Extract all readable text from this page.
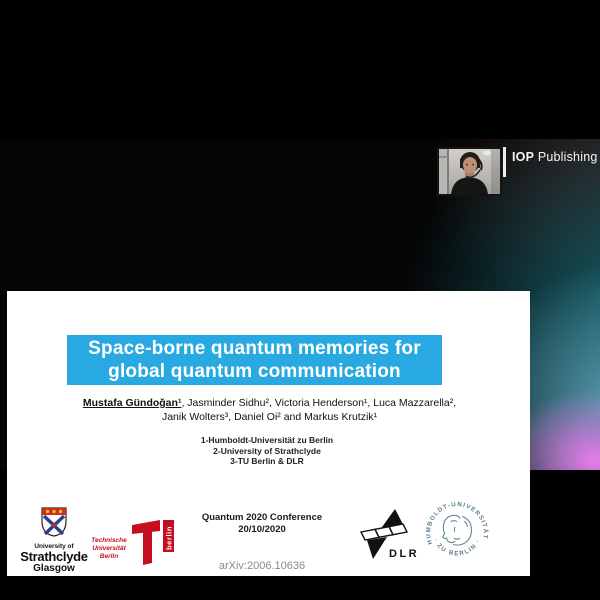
Space-borne quantum memories for
global quantum communication
Mustafa Gündoğan¹, Jasminder Sidhu², Victoria Henderson¹, Luca Mazzarella², Janik Wolters³, Daniel Oi² and Markus Krutzik¹
1-Humboldt-Universität zu Berlin
2-University of Strathclyde
3-TU Berlin & DLR
Quantum 2020 Conference
20/10/2020
arXiv:2006.10636
University of
Strathclyde
Glasgow
Technische
Universität
Berlin
berlin
DLR
HUMBOLDT-UNIVERSITÄT
· ZU BERLIN ·
IOP Publishing
